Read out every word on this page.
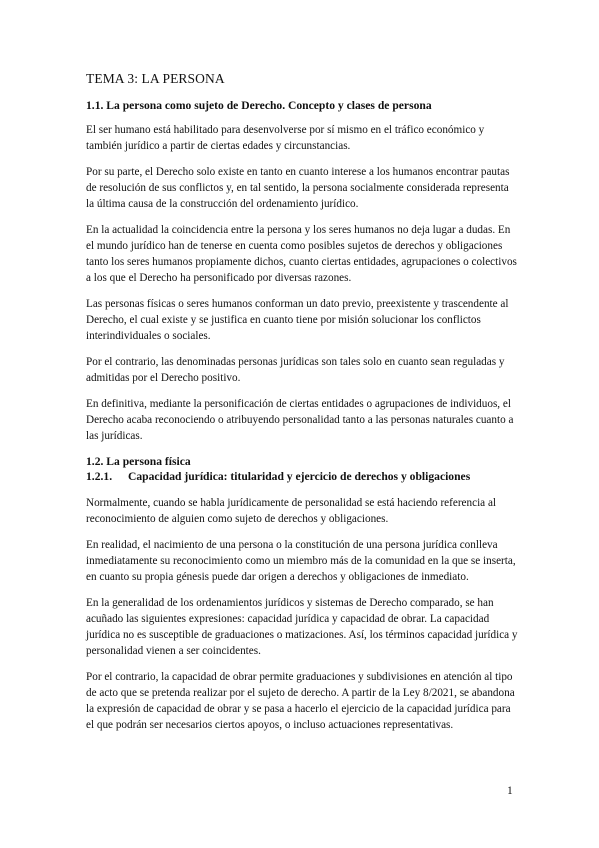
TEMA 3: LA PERSONA
1.1. La persona como sujeto de Derecho. Concepto y clases de persona

El ser humano está habilitado para desenvolverse por sí mismo en el tráfico económico y también jurídico a partir de ciertas edades y circunstancias.

Por su parte, el Derecho solo existe en tanto en cuanto interese a los humanos encontrar pautas de resolución de sus conflictos y, en tal sentido, la persona socialmente considerada representa la última causa de la construcción del ordenamiento jurídico.

En la actualidad la coincidencia entre la persona y los seres humanos no deja lugar a dudas. En el mundo jurídico han de tenerse en cuenta como posibles sujetos de derechos y obligaciones tanto los seres humanos propiamente dichos, cuanto ciertas entidades, agrupaciones o colectivos a los que el Derecho ha personificado por diversas razones.

Las personas físicas o seres humanos conforman un dato previo, preexistente y trascendente al Derecho, el cual existe y se justifica en cuanto tiene por misión solucionar los conflictos interindividuales o sociales.

Por el contrario, las denominadas personas jurídicas son tales solo en cuanto sean reguladas y admitidas por el Derecho positivo.

En definitiva, mediante la personificación de ciertas entidades o agrupaciones de individuos, el Derecho acaba reconociendo o atribuyendo personalidad tanto a las personas naturales cuanto a las jurídicas.

1.2. La persona física
1.2.1. Capacidad jurídica: titularidad y ejercicio de derechos y obligaciones

Normalmente, cuando se habla jurídicamente de personalidad se está haciendo referencia al reconocimiento de alguien como sujeto de derechos y obligaciones.

En realidad, el nacimiento de una persona o la constitución de una persona jurídica conlleva inmediatamente su reconocimiento como un miembro más de la comunidad en la que se inserta, en cuanto su propia génesis puede dar origen a derechos y obligaciones de inmediato.

En la generalidad de los ordenamientos jurídicos y sistemas de Derecho comparado, se han acuñado las siguientes expresiones: capacidad jurídica y capacidad de obrar. La capacidad jurídica no es susceptible de graduaciones o matizaciones. Así, los términos capacidad jurídica y personalidad vienen a ser coincidentes.

Por el contrario, la capacidad de obrar permite graduaciones y subdivisiones en atención al tipo de acto que se pretenda realizar por el sujeto de derecho. A partir de la Ley 8/2021, se abandona la expresión de capacidad de obrar y se pasa a hacerlo el ejercicio de la capacidad jurídica para el que podrán ser necesarios ciertos apoyos, o incluso actuaciones representativas.

1
